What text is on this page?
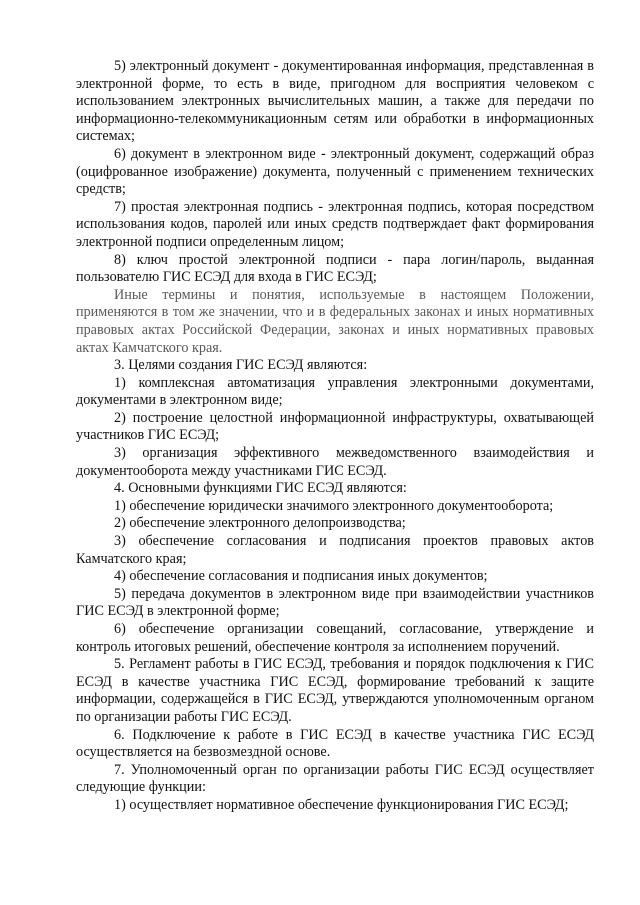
5) электронный документ - документированная информация, представленная в электронной форме, то есть в виде, пригодном для восприятия человеком с использованием электронных вычислительных машин, а также для передачи по информационно-телекоммуникационным сетям или обработки в информационных системах;

6) документ в электронном виде - электронный документ, содержащий образ (оцифрованное изображение) документа, полученный с применением технических средств;

7) простая электронная подпись - электронная подпись, которая посредством использования кодов, паролей или иных средств подтверждает факт формирования электронной подписи определенным лицом;

8) ключ простой электронной подписи - пара логин/пароль, выданная пользователю ГИС ЕСЭД для входа в ГИС ЕСЭД;

Иные термины и понятия, используемые в настоящем Положении, применяются в том же значении, что и в федеральных законах и иных нормативных правовых актах Российской Федерации, законах и иных нормативных правовых актах Камчатского края.

3. Целями создания ГИС ЕСЭД являются:

1) комплексная автоматизация управления электронными документами, документами в электронном виде;

2) построение целостной информационной инфраструктуры, охватывающей участников ГИС ЕСЭД;

3) организация эффективного межведомственного взаимодействия и документооборота между участниками ГИС ЕСЭД.

4. Основными функциями ГИС ЕСЭД являются:

1) обеспечение юридически значимого электронного документооборота;

2) обеспечение электронного делопроизводства;

3) обеспечение согласования и подписания проектов правовых актов Камчатского края;

4) обеспечение согласования и подписания иных документов;

5) передача документов в электронном виде при взаимодействии участников ГИС ЕСЭД в электронной форме;

6) обеспечение организации совещаний, согласование, утверждение и контроль итоговых решений, обеспечение контроля за исполнением поручений.

5. Регламент работы в ГИС ЕСЭД, требования и порядок подключения к ГИС ЕСЭД в качестве участника ГИС ЕСЭД, формирование требований к защите информации, содержащейся в ГИС ЕСЭД, утверждаются уполномоченным органом по организации работы ГИС ЕСЭД.

6. Подключение к работе в ГИС ЕСЭД в качестве участника ГИС ЕСЭД осуществляется на безвозмездной основе.

7. Уполномоченный орган по организации работы ГИС ЕСЭД осуществляет следующие функции:

1) осуществляет нормативное обеспечение функционирования ГИС ЕСЭД;
